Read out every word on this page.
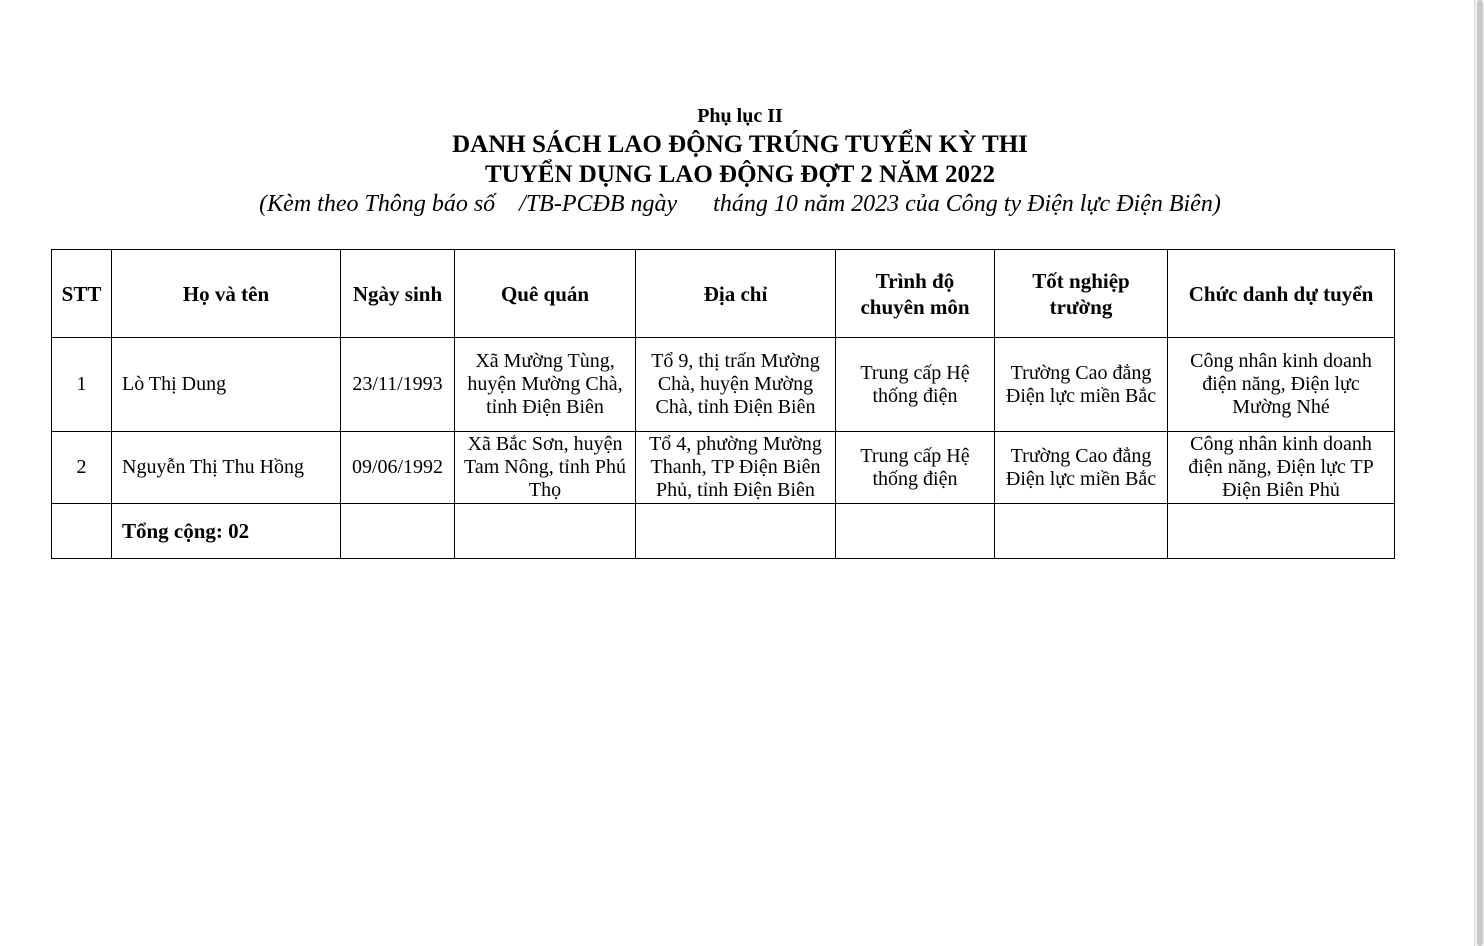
Phụ lục II
DANH SÁCH LAO ĐỘNG TRÚNG TUYỂN KỲ THI
TUYỂN DỤNG LAO ĐỘNG ĐỢT 2 NĂM 2022
(Kèm theo Thông báo số    /TB-PCĐB ngày      tháng 10 năm 2023 của Công ty Điện lực Điện Biên)
STT	Họ và tên	Ngày sinh	Quê quán	Địa chỉ	Trình độ chuyên môn	Tốt nghiệp trường	Chức danh dự tuyển
1	Lò Thị Dung	23/11/1993	Xã Mường Tùng, huyện Mường Chà, tỉnh Điện Biên	Tổ 9, thị trấn Mường Chà, huyện Mường Chà, tỉnh Điện Biên	Trung cấp Hệ thống điện	Trường Cao đẳng Điện lực miền Bắc	Công nhân kinh doanh điện năng, Điện lực Mường Nhé
2	Nguyễn Thị Thu Hồng	09/06/1992	Xã Bắc Sơn, huyện Tam Nông, tỉnh Phú Thọ	Tổ 4, phường Mường Thanh, TP Điện Biên Phủ, tỉnh Điện Biên	Trung cấp Hệ thống điện	Trường Cao đẳng Điện lực miền Bắc	Công nhân kinh doanh điện năng, Điện lực TP Điện Biên Phủ
	Tổng cộng: 02						
